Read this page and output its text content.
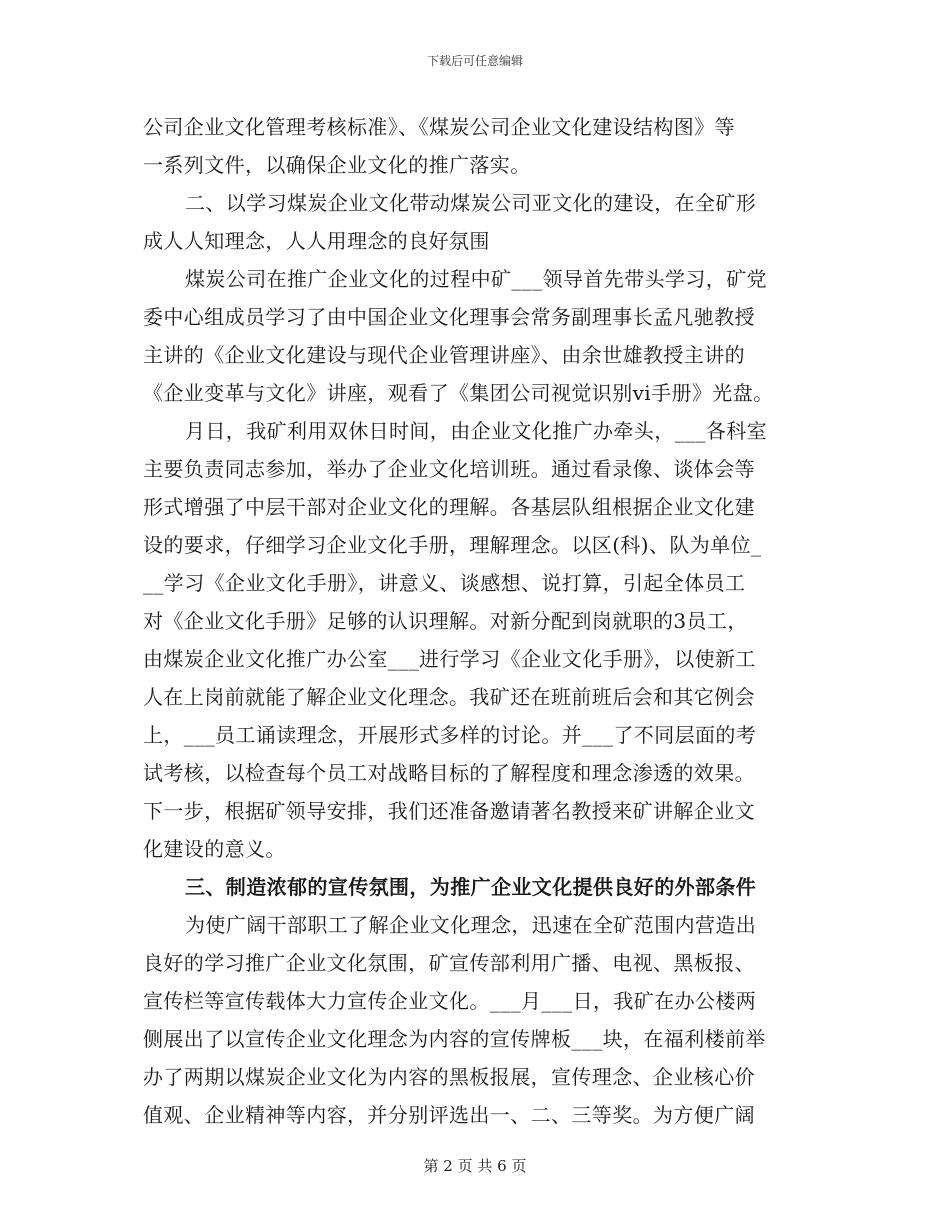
下载后可任意编辑
公司企业文化管理考核标准》、《煤炭公司企业文化建设结构图》等
一系列文件，以确保企业文化的推广落实。
二、以学习煤炭企业文化带动煤炭公司亚文化的建设，在全矿形
成人人知理念，人人用理念的良好氛围
煤炭公司在推广企业文化的过程中矿___领导首先带头学习，矿党
委中心组成员学习了由中国企业文化理事会常务副理事长孟凡驰教授
主讲的《企业文化建设与现代企业管理讲座》、由余世雄教授主讲的
《企业变革与文化》讲座，观看了《集团公司视觉识别vi手册》光盘。
月日，我矿利用双休日时间，由企业文化推广办牵头，___各科室
主要负责同志参加，举办了企业文化培训班。通过看录像、谈体会等
形式增强了中层干部对企业文化的理解。各基层队组根据企业文化建
设的要求，仔细学习企业文化手册，理解理念。以区(科)、队为单位_
__学习《企业文化手册》，讲意义、谈感想、说打算，引起全体员工
对《企业文化手册》足够的认识理解。对新分配到岗就职的3员工，
由煤炭企业文化推广办公室___进行学习《企业文化手册》，以使新工
人在上岗前就能了解企业文化理念。我矿还在班前班后会和其它例会
上，___员工诵读理念，开展形式多样的讨论。并___了不同层面的考
试考核，以检查每个员工对战略目标的了解程度和理念渗透的效果。
下一步，根据矿领导安排，我们还准备邀请著名教授来矿讲解企业文
化建设的意义。
三、制造浓郁的宣传氛围，为推广企业文化提供良好的外部条件
为使广阔干部职工了解企业文化理念，迅速在全矿范围内营造出
良好的学习推广企业文化氛围，矿宣传部利用广播、电视、黑板报、
宣传栏等宣传载体大力宣传企业文化。___月___日，我矿在办公楼两
侧展出了以宣传企业文化理念为内容的宣传牌板___块，在福利楼前举
办了两期以煤炭企业文化为内容的黑板报展，宣传理念、企业核心价
值观、企业精神等内容，并分别评选出一、二、三等奖。为方便广阔
第 2 页 共 6 页
